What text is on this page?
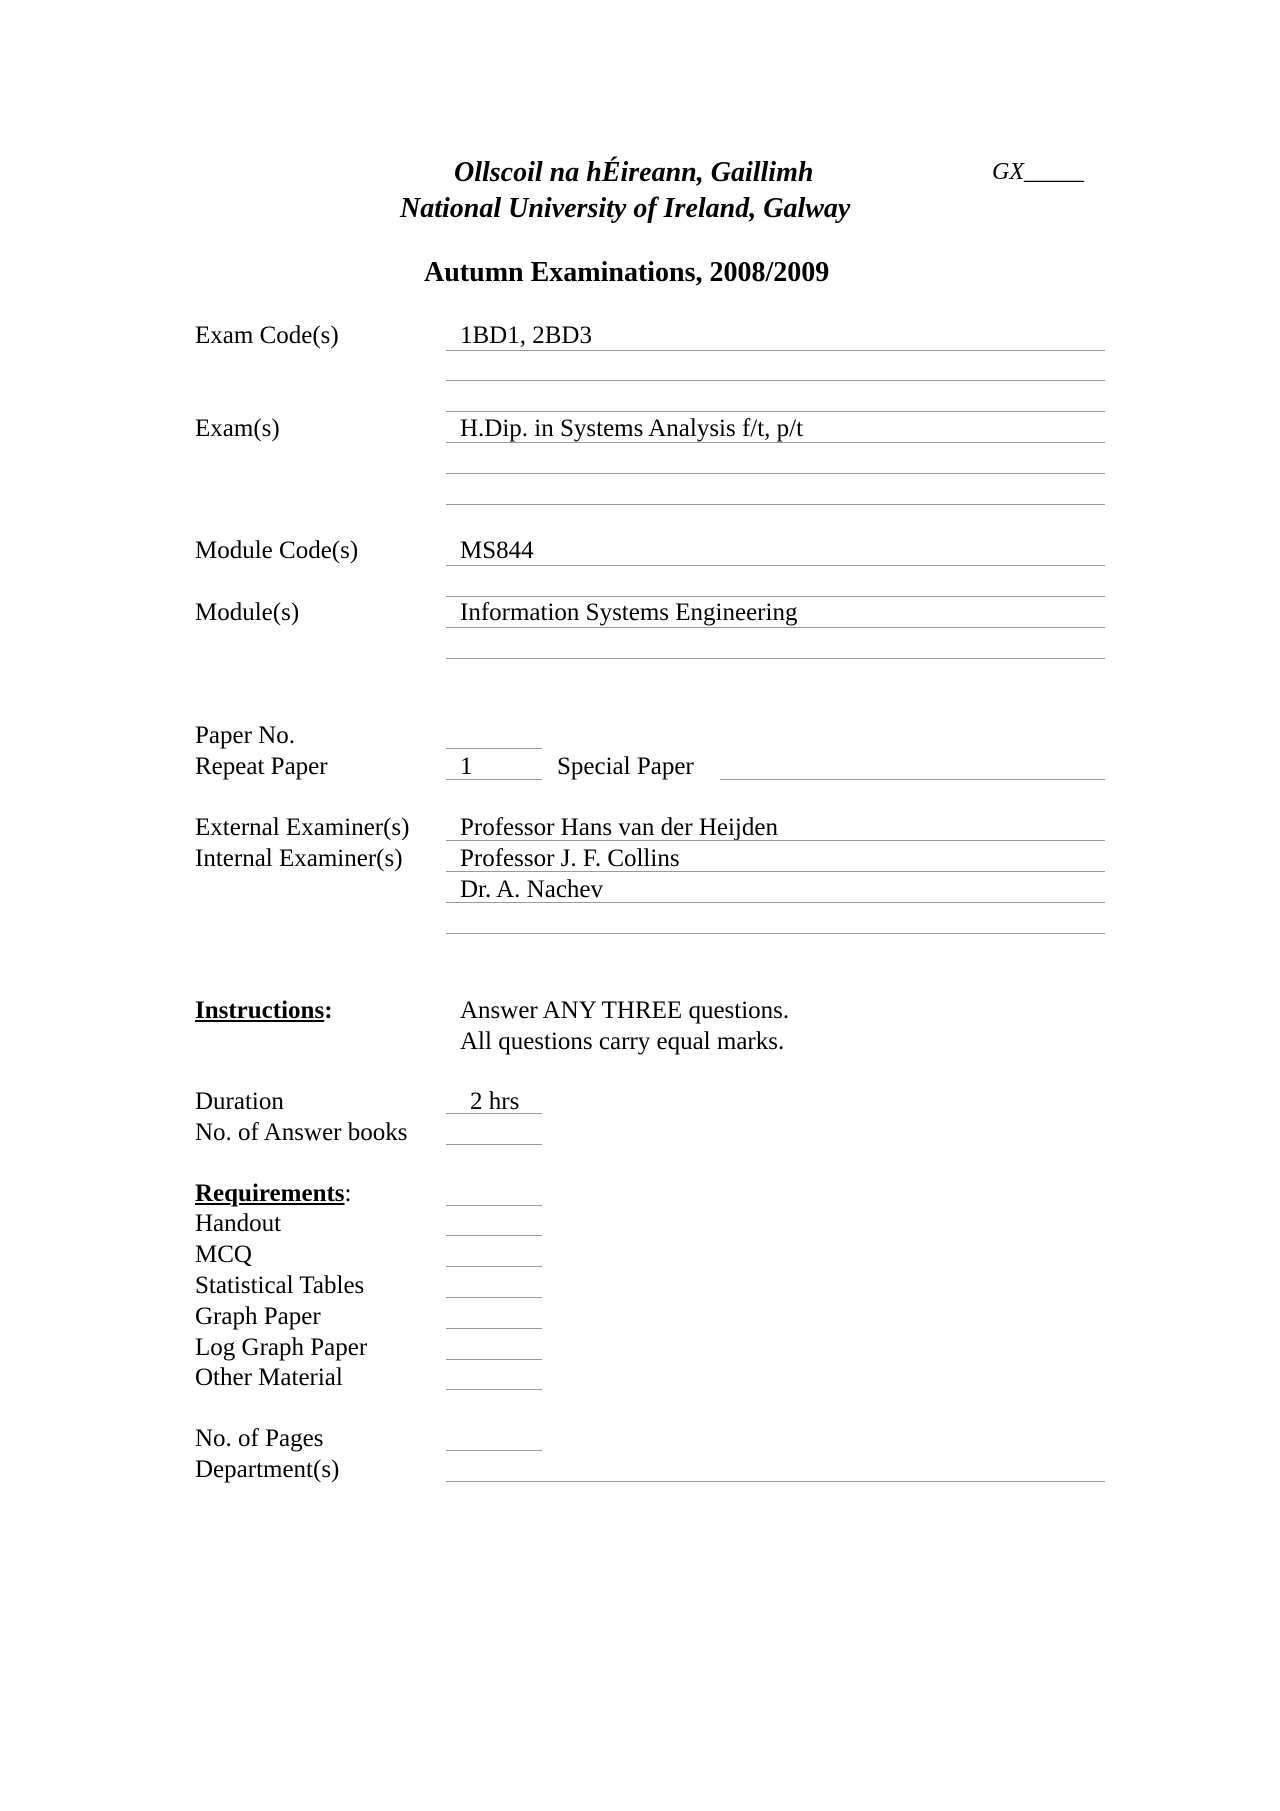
Ollscoil na hÉireann, Gaillimh
National University of Ireland, Galway
GX_____
Autumn Examinations, 2008/2009
Exam Code(s)
Exam(s)
Module Code(s)
Module(s)
Paper No.
Repeat Paper	Special Paper
External Examiner(s)
Internal Examiner(s)
Instructions:
Duration
No. of Answer books
Requirements:
Handout
MCQ
Statistical Tables
Graph Paper
Log Graph Paper
Other Material
No. of Pages
Department(s)
1BD1, 2BD3
H.Dip. in Systems Analysis f/t, p/t
MS844
Information Systems Engineering
1
Professor Hans van der Heijden
Professor J. F. Collins
Dr. A. Nachev
Answer ANY THREE questions.
All questions carry equal marks.
2 hrs
